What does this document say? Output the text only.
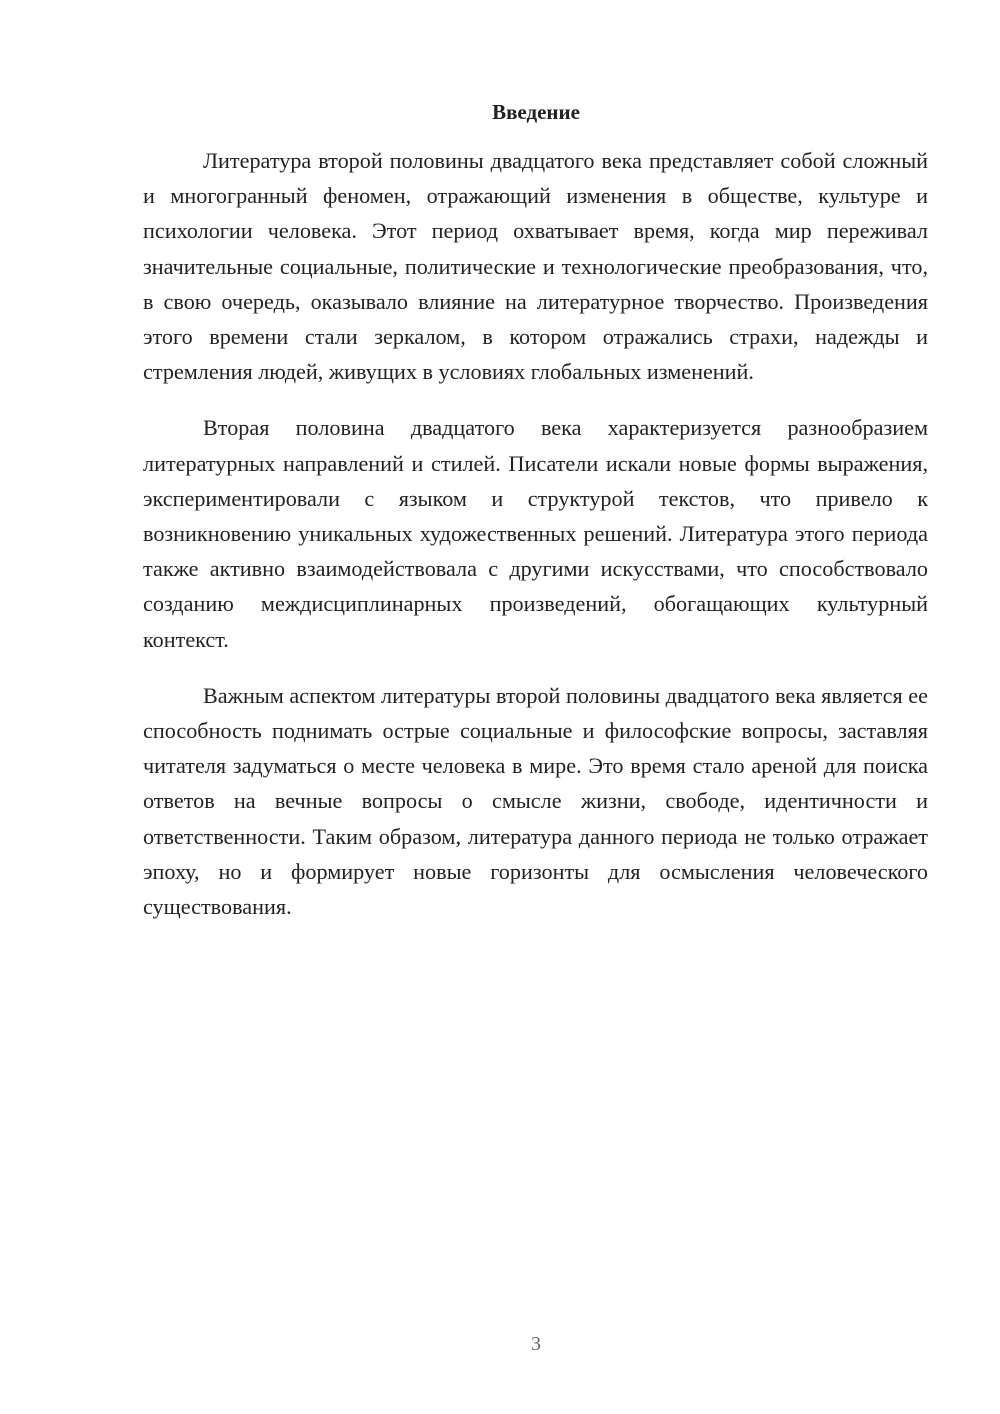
Введение

Литература второй половины двадцатого века представляет собой сложный и многогранный феномен, отражающий изменения в обществе, культуре и психологии человека. Этот период охватывает время, когда мир переживал значительные социальные, политические и технологические преобразования, что, в свою очередь, оказывало влияние на литературное творчество. Произведения этого времени стали зеркалом, в котором отражались страхи, надежды и стремления людей, живущих в условиях глобальных изменений.

Вторая половина двадцатого века характеризуется разнообразием литературных направлений и стилей. Писатели искали новые формы выражения, экспериментировали с языком и структурой текстов, что привело к возникновению уникальных художественных решений. Литература этого периода также активно взаимодействовала с другими искусствами, что способствовало созданию междисциплинарных произведений, обогащающих культурный контекст.

Важным аспектом литературы второй половины двадцатого века является ее способность поднимать острые социальные и философские вопросы, заставляя читателя задуматься о месте человека в мире. Это время стало ареной для поиска ответов на вечные вопросы о смысле жизни, свободе, идентичности и ответственности. Таким образом, литература данного периода не только отражает эпоху, но и формирует новые горизонты для осмысления человеческого существования.

3
